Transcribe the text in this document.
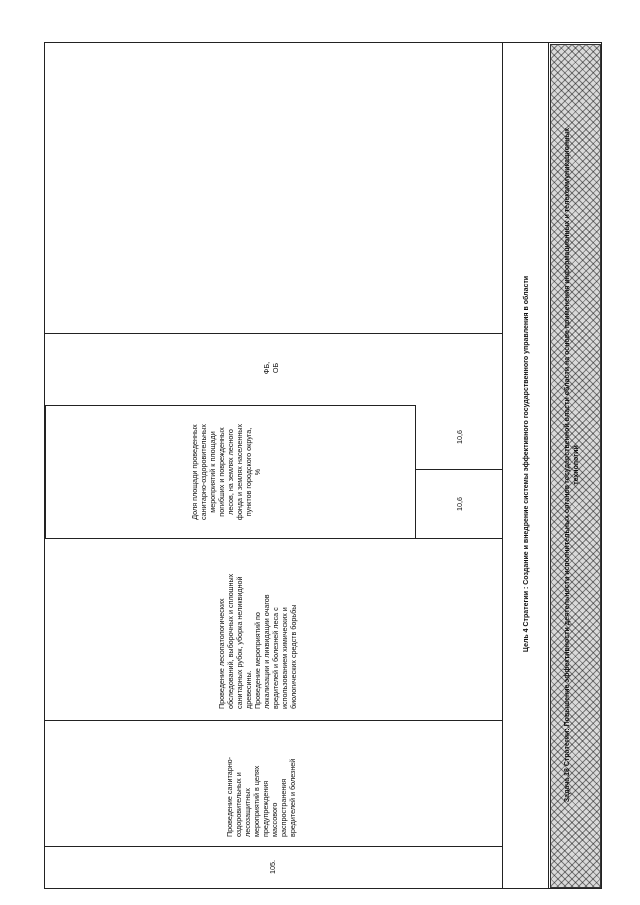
105.
Проведение санитарно-
оздоровительных и
лесозащитных
мероприятий в целях
предупреждения
массового
распространения
вредителей и болезней
Проведение лесопатологических
обследований, выборочных и сплошных
санитарных рубок, уборка неликвидной
древесины.
Проведение мероприятий по
локализации и ликвидации очагов
вредителей и болезней леса с
использованием химических и
биологических средств борьбы
Доля площади проведенных
санитарно-оздоровительных
мероприятий к площади
погибших и поврежденных
лесов, на землях лесного
фонда и землях населенных
пунктов городского округа,
%
10,6
10,6
ФБ,
ОБ	Цель 4 Стратегии : Создание и внедрение системы эффективного государственного управления в области
Задача 18 Стратегии: Повышение эффективности деятельности исполнительных органов государственной власти области на основе применения информационных и телекоммуникационных
технологий
